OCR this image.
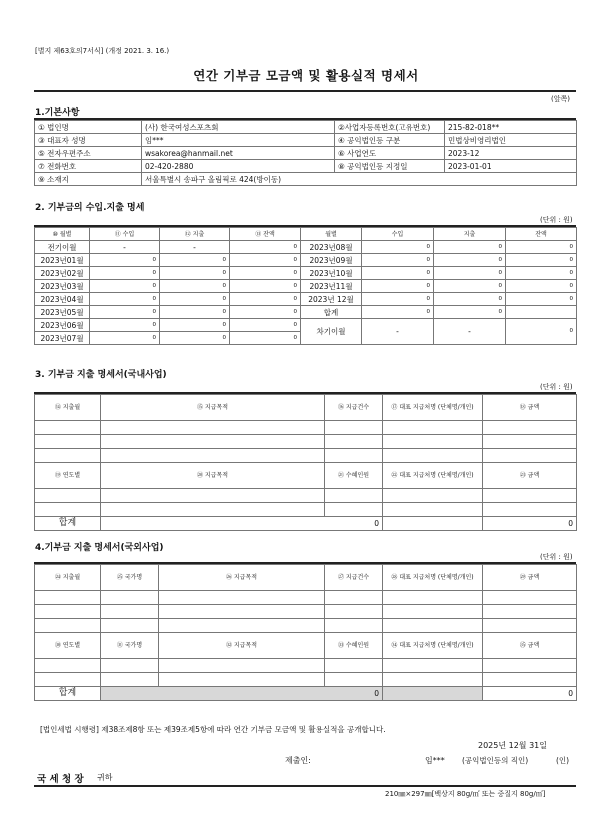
[별지 제63호의7서식] (개정 2021. 3. 16.)
연간 기부금 모금액 및 활용실적 명세서
(앞쪽)
1.기본사항
① 법인명	(사) 한국여성스포츠회	②사업자등록번호(고유번호)	215-82-018**
③ 대표자 성명	임***	④ 공익법인등 구분	민법상비영리법인
⑤ 전자우편주소	wsakorea@hanmail.net	⑥ 사업연도	2023-12
⑦ 전화번호	02-420-2880	⑧ 공익법인등 지정일	2023-01-01
⑨ 소재지	서울특별시 송파구 올림픽로 424(방이동)		
2. 기부금의 수입.지출 명세
(단위 : 원)
⑩ 월별	⑪ 수입	⑫ 지출	⑬ 잔액	월별	수입	지출	잔액
전기이월	-	-	0	2023년08월	0	0	0
2023년01월	0	0	0	2023년09월	0	0	0
2023년02월	0	0	0	2023년10월	0	0	0
2023년03월	0	0	0	2023년11월	0	0	0
2023년04월	0	0	0	2023년 12월	0	0	0
2023년05월	0	0	0	합계	0	0	
2023년06월	0	0	0	차기이월	-	-	0
2023년07월	0	0	0				
3. 기부금 지출 명세서(국내사업)
(단위 : 원)
⑭ 지출월	⑮ 지급목적	⑯ 지급건수	⑰ 대표 지급처명 (단체명/개인)	⑱ 금액

⑲ 연도별	⑳ 지급목적	㉑ 수혜인원	㉒ 대표 지급처명 (단체명/개인)	㉓ 금액

합계	0			0
4.기부금 지출 명세서(국외사업)
(단위 : 원)
㉔ 지출월	㉕ 국가명	㉖ 지급목적	㉗ 지급건수	㉘ 대표 지급처명 (단체명/개인)	㉙ 금액

㉚ 연도별	㉛ 국가명	㉜ 지급목적	㉝ 수혜인원	㉞ 대표 지급처명 (단체명/개인)	㉟ 금액

합계	0				0
[법인세법 시행령] 제38조제8항 또는 제39조제5항에 따라 연간 기부금 모금액 및 활용실적을 공개합니다.
2025년 12월 31일
제출인:	임*** (공익법인등의 직인)	(인)
국 세 청 장 귀하
210㎜×297㎜[백상지 80g/㎡ 또는 중질지 80g/㎡]
